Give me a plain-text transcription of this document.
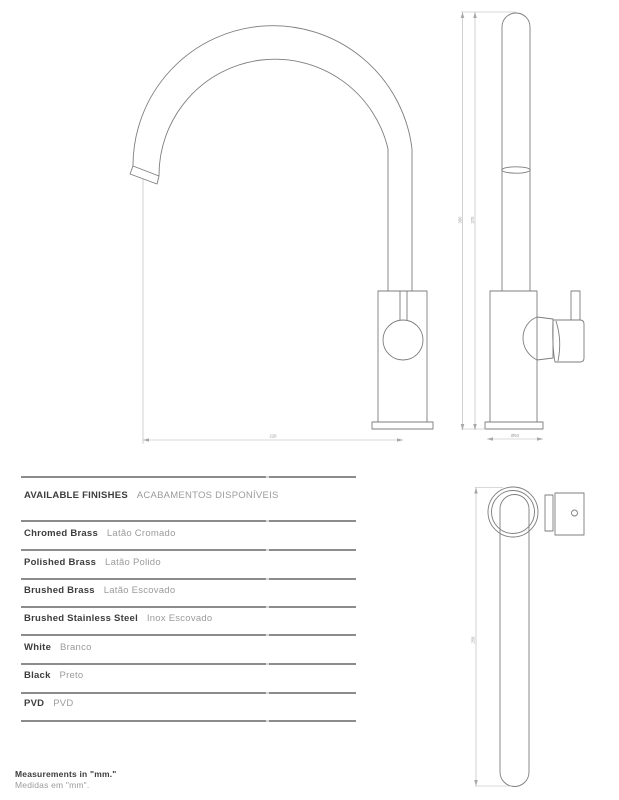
228
390 370
Ø50
258
AVAILABLE FINISHES ACABAMENTOS DISPONÍVEIS
Chromed Brass Latão Cromado
Polished Brass Latão Polido
Brushed Brass Latão Escovado
Brushed Stainless Steel Inox Escovado
White Branco
Black Preto
PVD PVD
Measurements in "mm."
Medidas em "mm".
